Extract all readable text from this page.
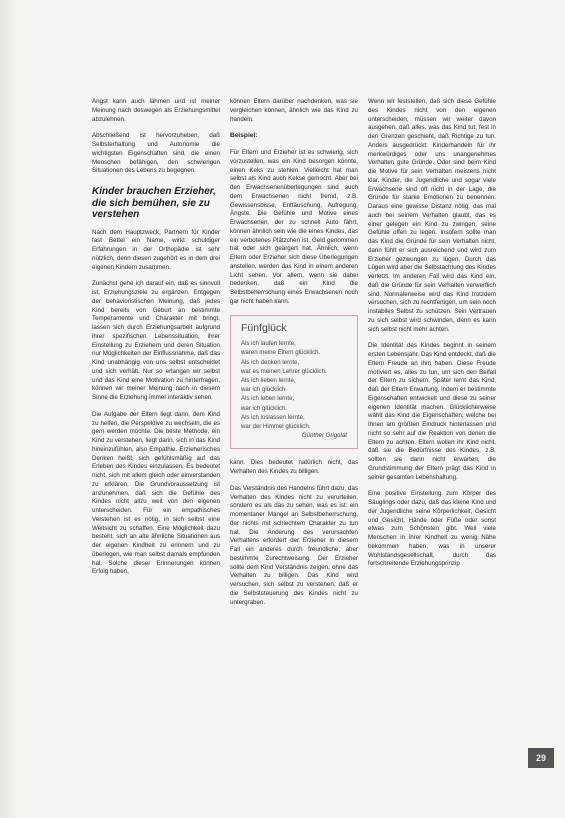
Angst kann auch lähmen und ist meiner Meinung nach deswegen als Erziehungsmittel abzulehnen.

Abschließend ist hervorzuheben, daß Selbsterhaltung und Autonomie die wichtigsten Eigenschaften sind, die einen Menschen befähigen, den schwierigen Situationen des Lebens zu begegnen.

Kinder brauchen Erzieher, die sich bemühen, sie zu verstehen

Nach dem Hauptzweck, Partnern für Kinder fast Bettel ein Name, wirkt schuldiger Erfahrungen in der Orthopädie ist sehr nützlich, denn diesen zugehört es in dem drei eigenen Kindern zusammen.

Zunächst gehe ich darauf ein, daß es sinnvoll ist, Erziehungsziele zu ergänzen. Entgegen der behavioristischen Meinung, daß jedes Kind bereits von Geburt an bestimmte Temperamente und Charakter mit bringt, lassen sich durch Erziehungsarbeit aufgrund ihrer spezifischen Lebenssituation, ihrer Einstellung zu Erziehern und deren Situation nur Möglichkeiten der Einflussnahme, daß das Kind unabhängig von uns selbst entscheidet und sich verhält. Nur so erlangen wir selbst und das Kind eine Motivation zu hinterfragen, können wir meiner Meinung nach in diesem Sinne die Erziehung immer interaktiv sehen.

Die Aufgabe der Eltern liegt darin, dem Kind zu helfen, die Perspektive zu wechseln, die es gern werden möchte. Die beste Methode, ein Kind zu verstehen, liegt darin, sich in das Kind hineinzufühlen, also Empathie. Erzieherisches Denken heißt, sich gefühlsmäßig auf das Erleben des Kindes einzulassen. Es bedeutet nicht, sich mit allem gleich oder einverstanden zu erklären. Die Grundvoraussetzung ist anzunehmen, daß sich die Gefühle des Kindes nicht allzu weit von den eigenen unterscheiden. Für ein empathisches Verstehen ist es nötig, in sich selbst eine Weitsicht zu schaffen. Eine Möglichkeit dazu besteht, sich an alte ähnliche Situationen aus der eigenen Kindheit zu erinnern und zu überlegen, wie man selbst damals empfunden hat. Solche dieser Erinnerungen können Erfolg haben,

können Eltern darüber nachdenken, was sie vergleichen können, ähnlich wie das Kind zu handeln.

Beispiel:

Für Eltern und Erzieher ist es schwierig, sich vorzustellen, was ein Kind besorgen könnte, einen Keks zu stehlen. Vielleicht hat man selbst als Kind auch Kekse gemocht. Aber bei den Erwachsenenüberlegungen sind auch dem Erwachsenen nicht fremd, z.B. Gewissensbisse, Enttäuschung, Aufregung, Ängste. Die Gefühle und Motive eines Erwachsenen, der zu schnell Auto fährt, können ähnlich sein wie die eines Kindes, das ein verbotenes Plätzchen ist. Geld genommen hat oder sich geärgert hat. Ähnlich, wenn Eltern oder Erzieher sich diese Überlegungen anstellen, werden das Kind in einem anderen Licht sehen. Vor allem, wenn sie dabei bedenken, daß ein Kind die Selbstbeherrschung eines Erwachsenen noch gar nicht haben kann.

Fünfglück
Als ich laufen lernte,
waren meine Eltern glücklich.
Als ich denken lernte,
war es meinen Lehrer glücklich.
Als ich lieben lernte,
war ich glücklich.
Als ich leben lernte,
war ich glücklich.
Als ich loslassen lernte,
war der Himmel glücklich.
Günther Grigolat

kann. Dies bedeutet natürlich nicht, das Verhalten des Kindes zu billigen.

Das Verständnis des Handelns führt dazu, das Verhalten des Kindes nicht zu verurteilen, sondern es als das zu sehen, was es ist: ein momentaner Mangel an Selbstbeherrschung, der nichts mit schlechtem Charakter zu tun hat. Die Änderung des verursachten Verhaltens erfordert der Erzieher in diesem Fall ein anderes durch freundliche, aber bestimmte Zurechtweisung. Der Erzieher sollte dem Kind Verständnis zeigen, ohne das Verhalten zu billigen. Das Kind wird versuchen, sich selbst zu verstehen, daß er die Selbststeuerung des Kindes nicht zu untergraben.

Wenn wir feststellen, daß sich diese Gefühle des Kindes nicht von den eigenen unterscheiden, müssen wir weiter davon ausgehen, daß alles, was das Kind tut, fest in den Grenzen geschieht, daß Richtige zu tun. Anders ausgedrückt: Kinderhandeln für ihr merkwürdiges oder uns unangenehmes Verhalten gute Gründe. Oder sind beim Kind die Motive für sein Verhalten meistens nicht klar. Kinder, die Jugendliche und sogar viele Erwachsene sind oft nicht in der Lage, die Gründe für starke Emotionen zu benennen. Daraus eine gewisse Distanz nötig, das mal auch bei seinem Verhalten glaubt, das es einer gelegen ein Kind zu zwingen, seine Gefühle offen zu legen. Insofern sollte man das Kind die Gründe für sein Verhalten nicht, dann fühlt er sich ausreichend und wird zum Erzieher gezwungen zu lügen. Durch das Lügen wird aber die Selbstachtung des Kindes verletzt. Im anderen Fall wird das Kind ein, daß die Gründe für sein Verhalten verwerflich sind. Normalerweise wird das Kind trotzdem versuchen, sich zu rechtfertigen, um sein noch instabiles Selbst zu schützen. Sein Vertrauen zu sich selbst wird schwinden, denn es kann sich selbst nicht mehr achten.

Die Identität des Kindes beginnt in seinem ersten Lebensjahr. Das Kind entdeckt, daß die Eltern Freude an ihm haben. Diese Freude motiviert es, alles zu tun, um sich den Beifall der Eltern zu sichern. Später lernt das Kind, daß der Eltern Erwartung, indem er bestimmte Eigenschaften entwickelt und diese zu seiner eigenen Identität machen. Glücklicherweise wählt das Kind die Eigenschaften, welche bei Ihnen am größten Eindruck hinterlassen und nicht so sehr auf die Reaktion von denen die Eltern zu achten. Eltern wollen ihr Kind nicht, daß sie die Bedürfnisse des Kindes, z.B. sollten sie dann nicht erwarten, die Grundstimmung der Eltern prägt das Kind in seiner gesamten Lebenshaltung.

Eine positive Einstellung zum Körper des Säuglings oder dazu, daß das kleine Kind und der Jugendliche seine Körperlichkeit, Gesicht und Gesicht, Hände oder Füße oder sonst etwas zum Schönsten gibt. Weil viele Menschen in ihrer Kindheit zu wenig Nähe bekommen haben, was in unserer Wohlstandsgesellschaft, durch das fortschreitende Erziehungsprinzip

29
